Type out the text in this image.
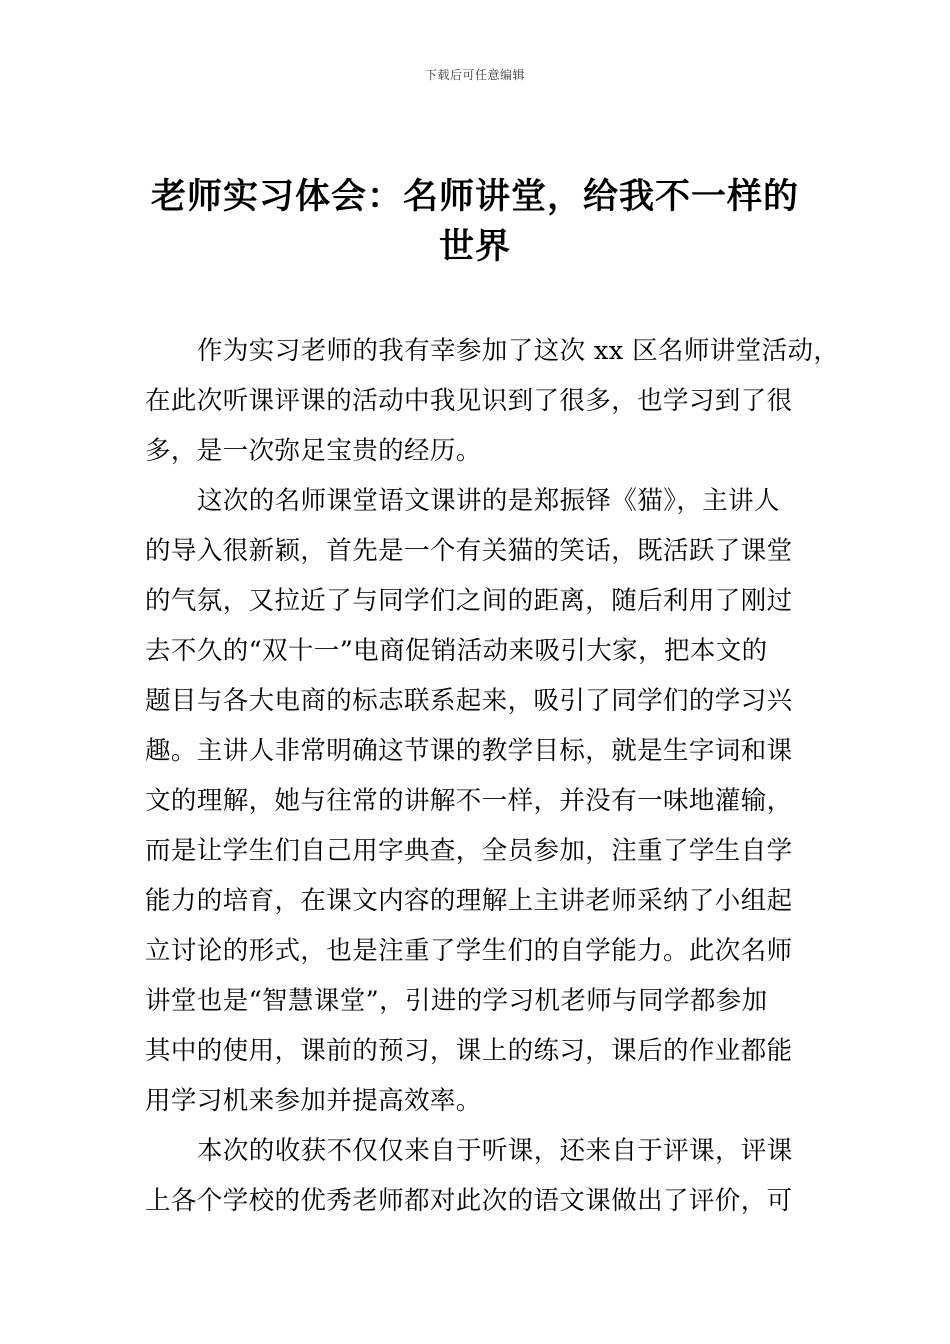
下载后可任意编辑
老师实习体会：名师讲堂，给我不一样的
世界

作为实习老师的我有幸参加了这次 xx 区名师讲堂活动，
在此次听课评课的活动中我见识到了很多，也学习到了很
多，是一次弥足宝贵的经历。

这次的名师课堂语文课讲的是郑振铎《猫》，主讲人
的导入很新颖，首先是一个有关猫的笑话，既活跃了课堂
的气氛，又拉近了与同学们之间的距离，随后利用了刚过
去不久的“双十一”电商促销活动来吸引大家，把本文的
题目与各大电商的标志联系起来，吸引了同学们的学习兴
趣。主讲人非常明确这节课的教学目标，就是生字词和课
文的理解，她与往常的讲解不一样，并没有一味地灌输，
而是让学生们自己用字典查，全员参加，注重了学生自学
能力的培育，在课文内容的理解上主讲老师采纳了小组起
立讨论的形式，也是注重了学生们的自学能力。此次名师
讲堂也是“智慧课堂”，引进的学习机老师与同学都参加
其中的使用，课前的预习，课上的练习，课后的作业都能
用学习机来参加并提高效率。

本次的收获不仅仅来自于听课，还来自于评课，评课
上各个学校的优秀老师都对此次的语文课做出了评价，可
